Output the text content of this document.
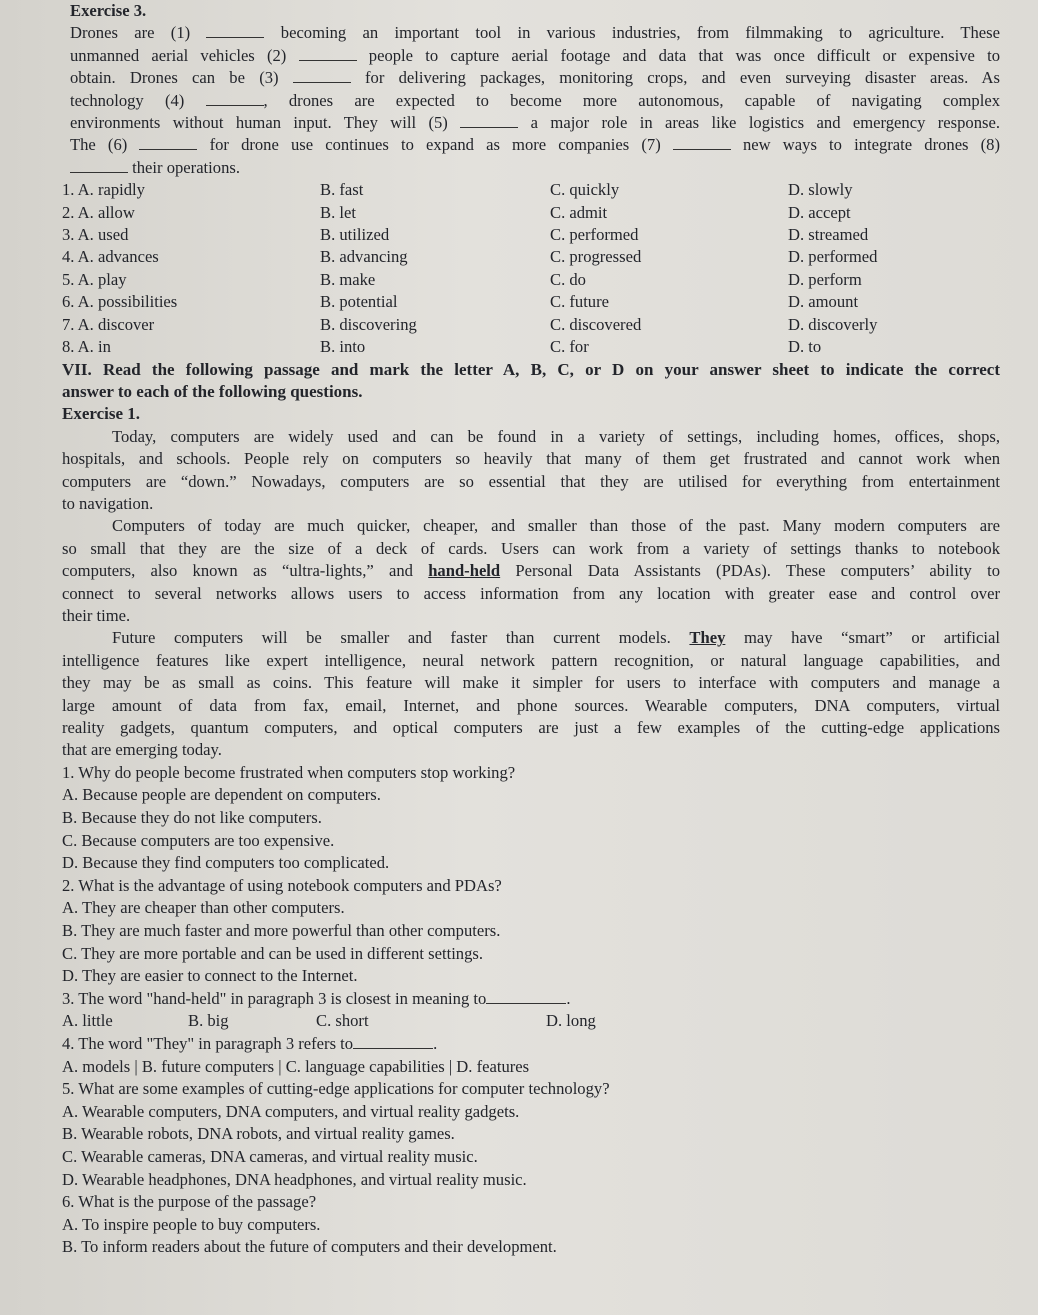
Exercise 3.
Drones are (1)	becoming an important tool in various industries, from filmmaking to agriculture. These
unmanned aerial vehicles (2)	people to capture aerial footage and data that was once difficult or expensive to
obtain. Drones can be (3)	for delivering packages, monitoring crops, and even surveying disaster areas. As
technology (4)	, drones are expected to become more autonomous, capable of navigating complex
environments without human input. They will (5)	a major role in areas like logistics and emergency response.
The (6)	for drone use continues to expand as more companies (7)	new ways to integrate drones (8)
their operations.
1. A. rapidly	B. fast	C. quickly	D. slowly
2. A. allow	B. let	C. admit	D. accept
3. A. used	B. utilized	C. performed	D. streamed
4. A. advances	B. advancing	C. progressed	D. performed
5. A. play	B. make	C. do	D. perform
6. A. possibilities	B. potential	C. future	D. amount
7. A. discover	B. discovering	C. discovered	D. discoverly
8. A. in	B. into	C. for	D. to
VII. Read the following passage and mark the letter A, B, C, or D on your answer sheet to indicate the correct
answer to each of the following questions.
Exercise 1.
Today, computers are widely used and can be found in a variety of settings, including homes, offices, shops,
hospitals, and schools. People rely on computers so heavily that many of them get frustrated and cannot work when
computers are “down.” Nowadays, computers are so essential that they are utilised for everything from entertainment
to navigation.
Computers of today are much quicker, cheaper, and smaller than those of the past. Many modern computers are
so small that they are the size of a deck of cards. Users can work from a variety of settings thanks to notebook
computers, also known as “ultra-lights,” and hand-held Personal Data Assistants (PDAs). These computers’ ability to
connect to several networks allows users to access information from any location with greater ease and control over
their time.
Future computers will be smaller and faster than current models. They may have “smart” or artificial
intelligence features like expert intelligence, neural network pattern recognition, or natural language capabilities, and
they may be as small as coins. This feature will make it simpler for users to interface with computers and manage a
large amount of data from fax, email, Internet, and phone sources. Wearable computers, DNA computers, virtual
reality gadgets, quantum computers, and optical computers are just a few examples of the cutting-edge applications
that are emerging today.
1. Why do people become frustrated when computers stop working?
A. Because people are dependent on computers.
B. Because they do not like computers.
C. Because computers are too expensive.
D. Because they find computers too complicated.
2. What is the advantage of using notebook computers and PDAs?
A. They are cheaper than other computers.
B. They are much faster and more powerful than other computers.
C. They are more portable and can be used in different settings.
D. They are easier to connect to the Internet.
3. The word "hand-held" in paragraph 3 is closest in meaning to	.
A. little	B. big	C. short	D. long
4. The word "They" in paragraph 3 refers to	.
A. models | B. future computers | C. language capabilities | D. features
5. What are some examples of cutting-edge applications for computer technology?
A. Wearable computers, DNA computers, and virtual reality gadgets.
B. Wearable robots, DNA robots, and virtual reality games.
C. Wearable cameras, DNA cameras, and virtual reality music.
D. Wearable headphones, DNA headphones, and virtual reality music.
6. What is the purpose of the passage?
A. To inspire people to buy computers.
B. To inform readers about the future of computers and their development.
